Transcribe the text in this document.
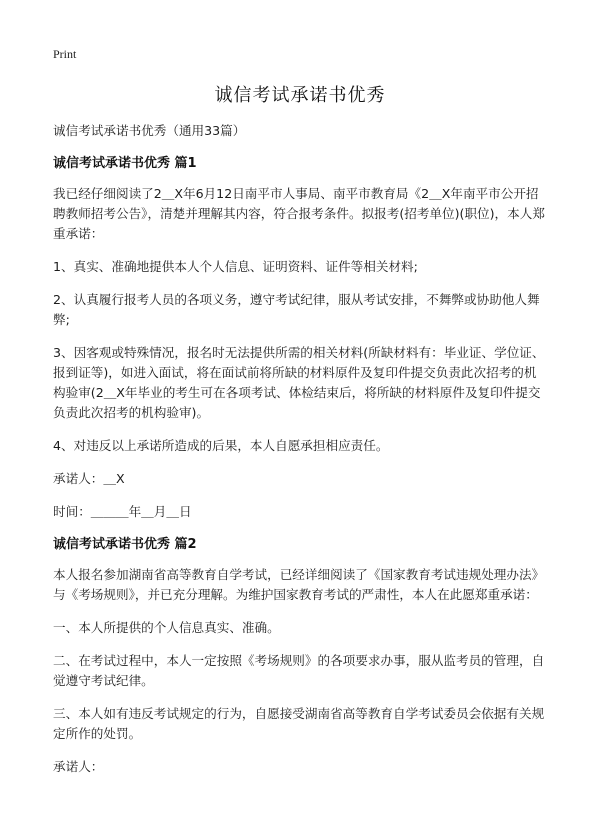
Print
诚信考试承诺书优秀

诚信考试承诺书优秀（通用33篇）

诚信考试承诺书优秀 篇1

我已经仔细阅读了2＿X年6月12日南平市人事局、南平市教育局《2＿X年南平市公开招聘教师招考公告》，清楚并理解其内容，符合报考条件。拟报考(招考单位)(职位)，本人郑重承诺：

1、真实、准确地提供本人个人信息、证明资料、证件等相关材料;

2、认真履行报考人员的各项义务，遵守考试纪律，服从考试安排，不舞弊或协助他人舞弊;

3、因客观或特殊情况，报名时无法提供所需的相关材料(所缺材料有：毕业证、学位证、报到证等)，如进入面试，将在面试前将所缺的材料原件及复印件提交负责此次招考的机构验审(2＿X年毕业的考生可在各项考试、体检结束后，将所缺的材料原件及复印件提交负责此次招考的机构验审)。

4、对违反以上承诺所造成的后果，本人自愿承担相应责任。

承诺人：＿X

时间：＿＿＿年＿月＿日

诚信考试承诺书优秀 篇2

本人报名参加湖南省高等教育自学考试，已经详细阅读了《国家教育考试违规处理办法》与《考场规则》，并已充分理解。为维护国家教育考试的严肃性，本人在此愿郑重承诺：

一、本人所提供的个人信息真实、准确。

二、在考试过程中，本人一定按照《考场规则》的各项要求办事，服从监考员的管理，自觉遵守考试纪律。

三、本人如有违反考试规定的行为，自愿接受湖南省高等教育自学考试委员会依据有关规定所作的处罚。

承诺人：
